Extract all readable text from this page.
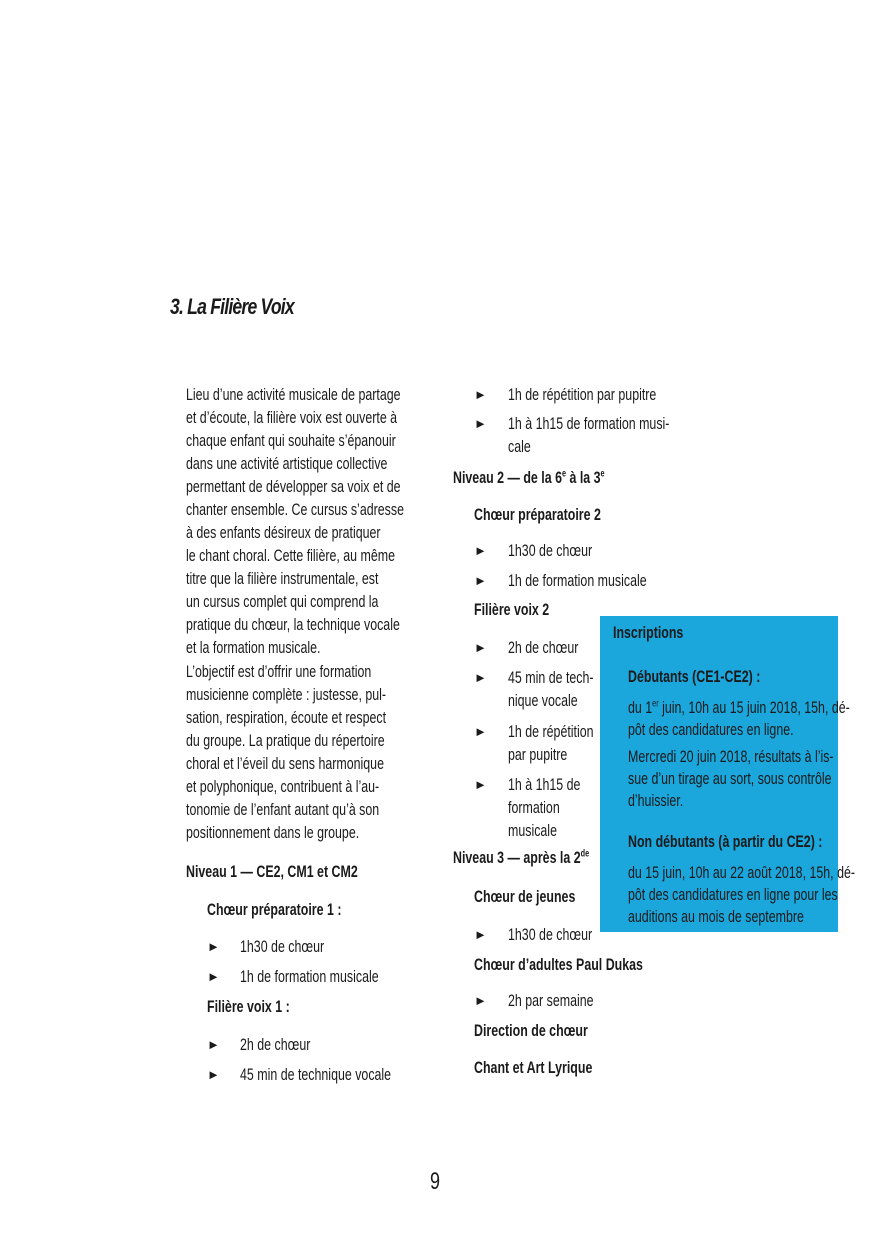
3. La Filière Voix
Lieu d’une activité musicale de partage
et d’écoute, la filière voix est ouverte à
chaque enfant qui souhaite s’épanouir
dans une activité artistique collective
permettant de développer sa voix et de
chanter ensemble. Ce cursus s’adresse
à des enfants désireux de pratiquer
le chant choral. Cette filière, au même
titre que la filière instrumentale, est
un cursus complet qui comprend la
pratique du chœur, la technique vocale
et la formation musicale.
L’objectif est d’offrir une formation
musicienne complète : justesse, pul-
sation, respiration, écoute et respect
du groupe. La pratique du répertoire
choral et l’éveil du sens harmonique
et polyphonique, contribuent à l’au-
tonomie de l’enfant autant qu’à son
positionnement dans le groupe.
Niveau 1 — CE2, CM1 et CM2
Chœur préparatoire 1 :
► 1h30 de chœur
► 1h de formation musicale
Filière voix 1 :
► 2h de chœur
► 45 min de technique vocale
► 1h de répétition par pupitre
► 1h à 1h15 de formation musi-
cale
Niveau 2 — de la 6e à la 3e
Chœur préparatoire 2
► 1h30 de chœur
► 1h de formation musicale
Filière voix 2
► 2h de chœur
► 45 min de tech-
nique vocale
► 1h de répétition
par pupitre
► 1h à 1h15 de
formation
musicale
Niveau 3 — après la 2de
Chœur de jeunes
► 1h30 de chœur
Chœur d’adultes Paul Dukas
► 2h par semaine
Direction de chœur
Chant et Art Lyrique
Inscriptions
Débutants (CE1-CE2) :
du 1er juin, 10h au 15 juin 2018, 15h, dé-
pôt des candidatures en ligne.
Mercredi 20 juin 2018, résultats à l’is-
sue d’un tirage au sort, sous contrôle
d’huissier.
Non débutants (à partir du CE2) :
du 15 juin, 10h au 22 août 2018, 15h, dé-
pôt des candidatures en ligne pour les
auditions au mois de septembre
9
